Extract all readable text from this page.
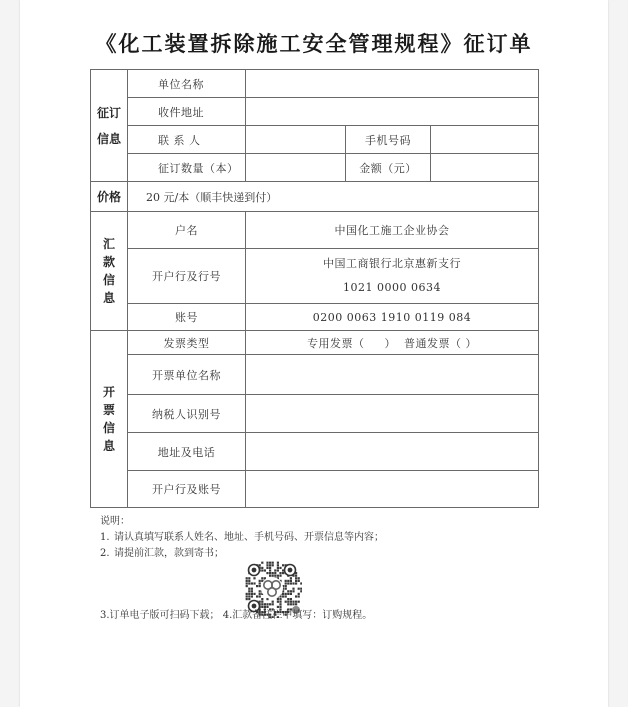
《化工装置拆除施工安全管理规程》征订单
征订
信息	单位名称			
	收件地址			
	联 系 人		手机号码	
	征订数量（本）		金额（元）	
价格	20 元/本（顺丰快递到付）			

汇
款
信
息	户名	中国化工施工企业协会		
	开户行及行号	中国工商银行北京惠新支行
1021 0000 0634		

	账号	0200 0063 1910 0119 084		

开
票
信
息	发票类型	专用发票（     ）  普通发票（ ）		
	开票单位名称			
	纳税人识别号			
	地址及电话			
	开户行及账号			
说明：
1. 请认真填写联系人姓名、地址、手机号码、开票信息等内容；
2. 请提前汇款，款到寄书；
3.订单电子版可扫码下载； 4.汇款备注栏中填写：订购规程。
